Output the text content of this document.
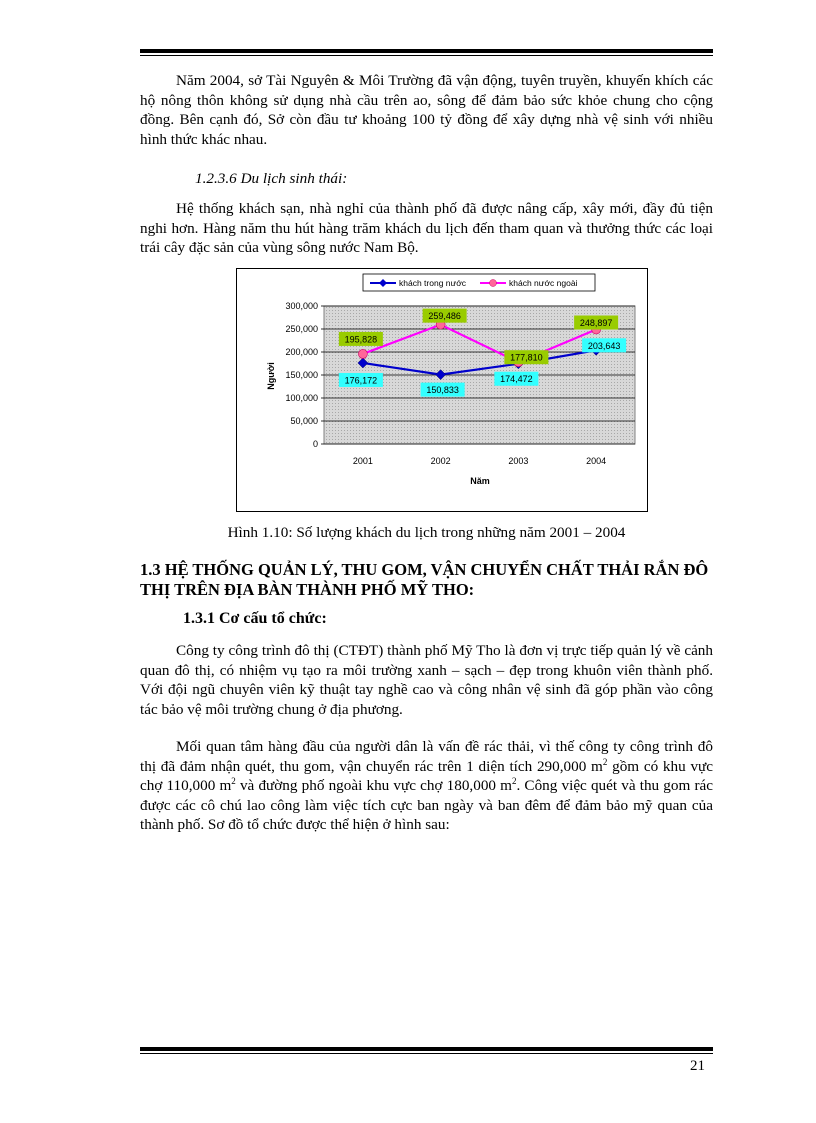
Năm 2004, sở Tài Nguyên & Môi Trường đã vận động, tuyên truyền, khuyến khích các hộ nông thôn không sử dụng nhà cầu trên ao, sông để đảm bảo sức khỏe chung cho cộng đồng. Bên cạnh đó, Sở còn đầu tư khoảng 100 tỷ đồng để xây dựng nhà vệ sinh với nhiều hình thức khác nhau.

1.2.3.6 Du lịch sinh thái:

Hệ thống khách sạn, nhà nghỉ của thành phố đã được nâng cấp, xây mới, đầy đủ tiện nghi hơn. Hàng năm thu hút hàng trăm khách du lịch đến tham quan và thưởng thức các loại trái cây đặc sản của vùng sông nước Nam Bộ.

khách trong nước	khách nước ngoài
300,000
250,000
200,000
150,000
100,000
50,000
0
2001	2002	2003	2004
176,172
150,833
174,472
203,643
195,828
259,486
177,810
248,897
Người
Năm

Hình 1.10: Số lượng khách du lịch trong những năm 2001 – 2004

1.3 HỆ THỐNG QUẢN LÝ, THU GOM, VẬN CHUYỂN CHẤT THẢI RẮN ĐÔ THỊ TRÊN ĐỊA BÀN THÀNH PHỐ MỸ THO:

1.3.1 Cơ cấu tổ chức:

Công ty công trình đô thị (CTĐT) thành phố Mỹ Tho là đơn vị trực tiếp quản lý về cảnh quan đô thị, có nhiệm vụ tạo ra môi trường xanh – sạch – đẹp trong khuôn viên thành phố. Với đội ngũ chuyên viên kỹ thuật tay nghề cao và công nhân vệ sinh đã góp phần vào công tác bảo vệ môi trường chung ở địa phương.

Mối quan tâm hàng đầu của người dân là vấn đề rác thải, vì thế công ty công trình đô thị đã đảm nhận quét, thu gom, vận chuyển rác trên 1 diện tích 290,000 $m^2$ gồm có khu vực chợ 110,000 $m^2$ và đường phố ngoài khu vực chợ 180,000 $m^2$. Công việc quét và thu gom rác được các cô chú lao công làm việc tích cực ban ngày và ban đêm để đảm bảo mỹ quan của thành phố. Sơ đồ tổ chức được thể hiện ở hình sau:

21
